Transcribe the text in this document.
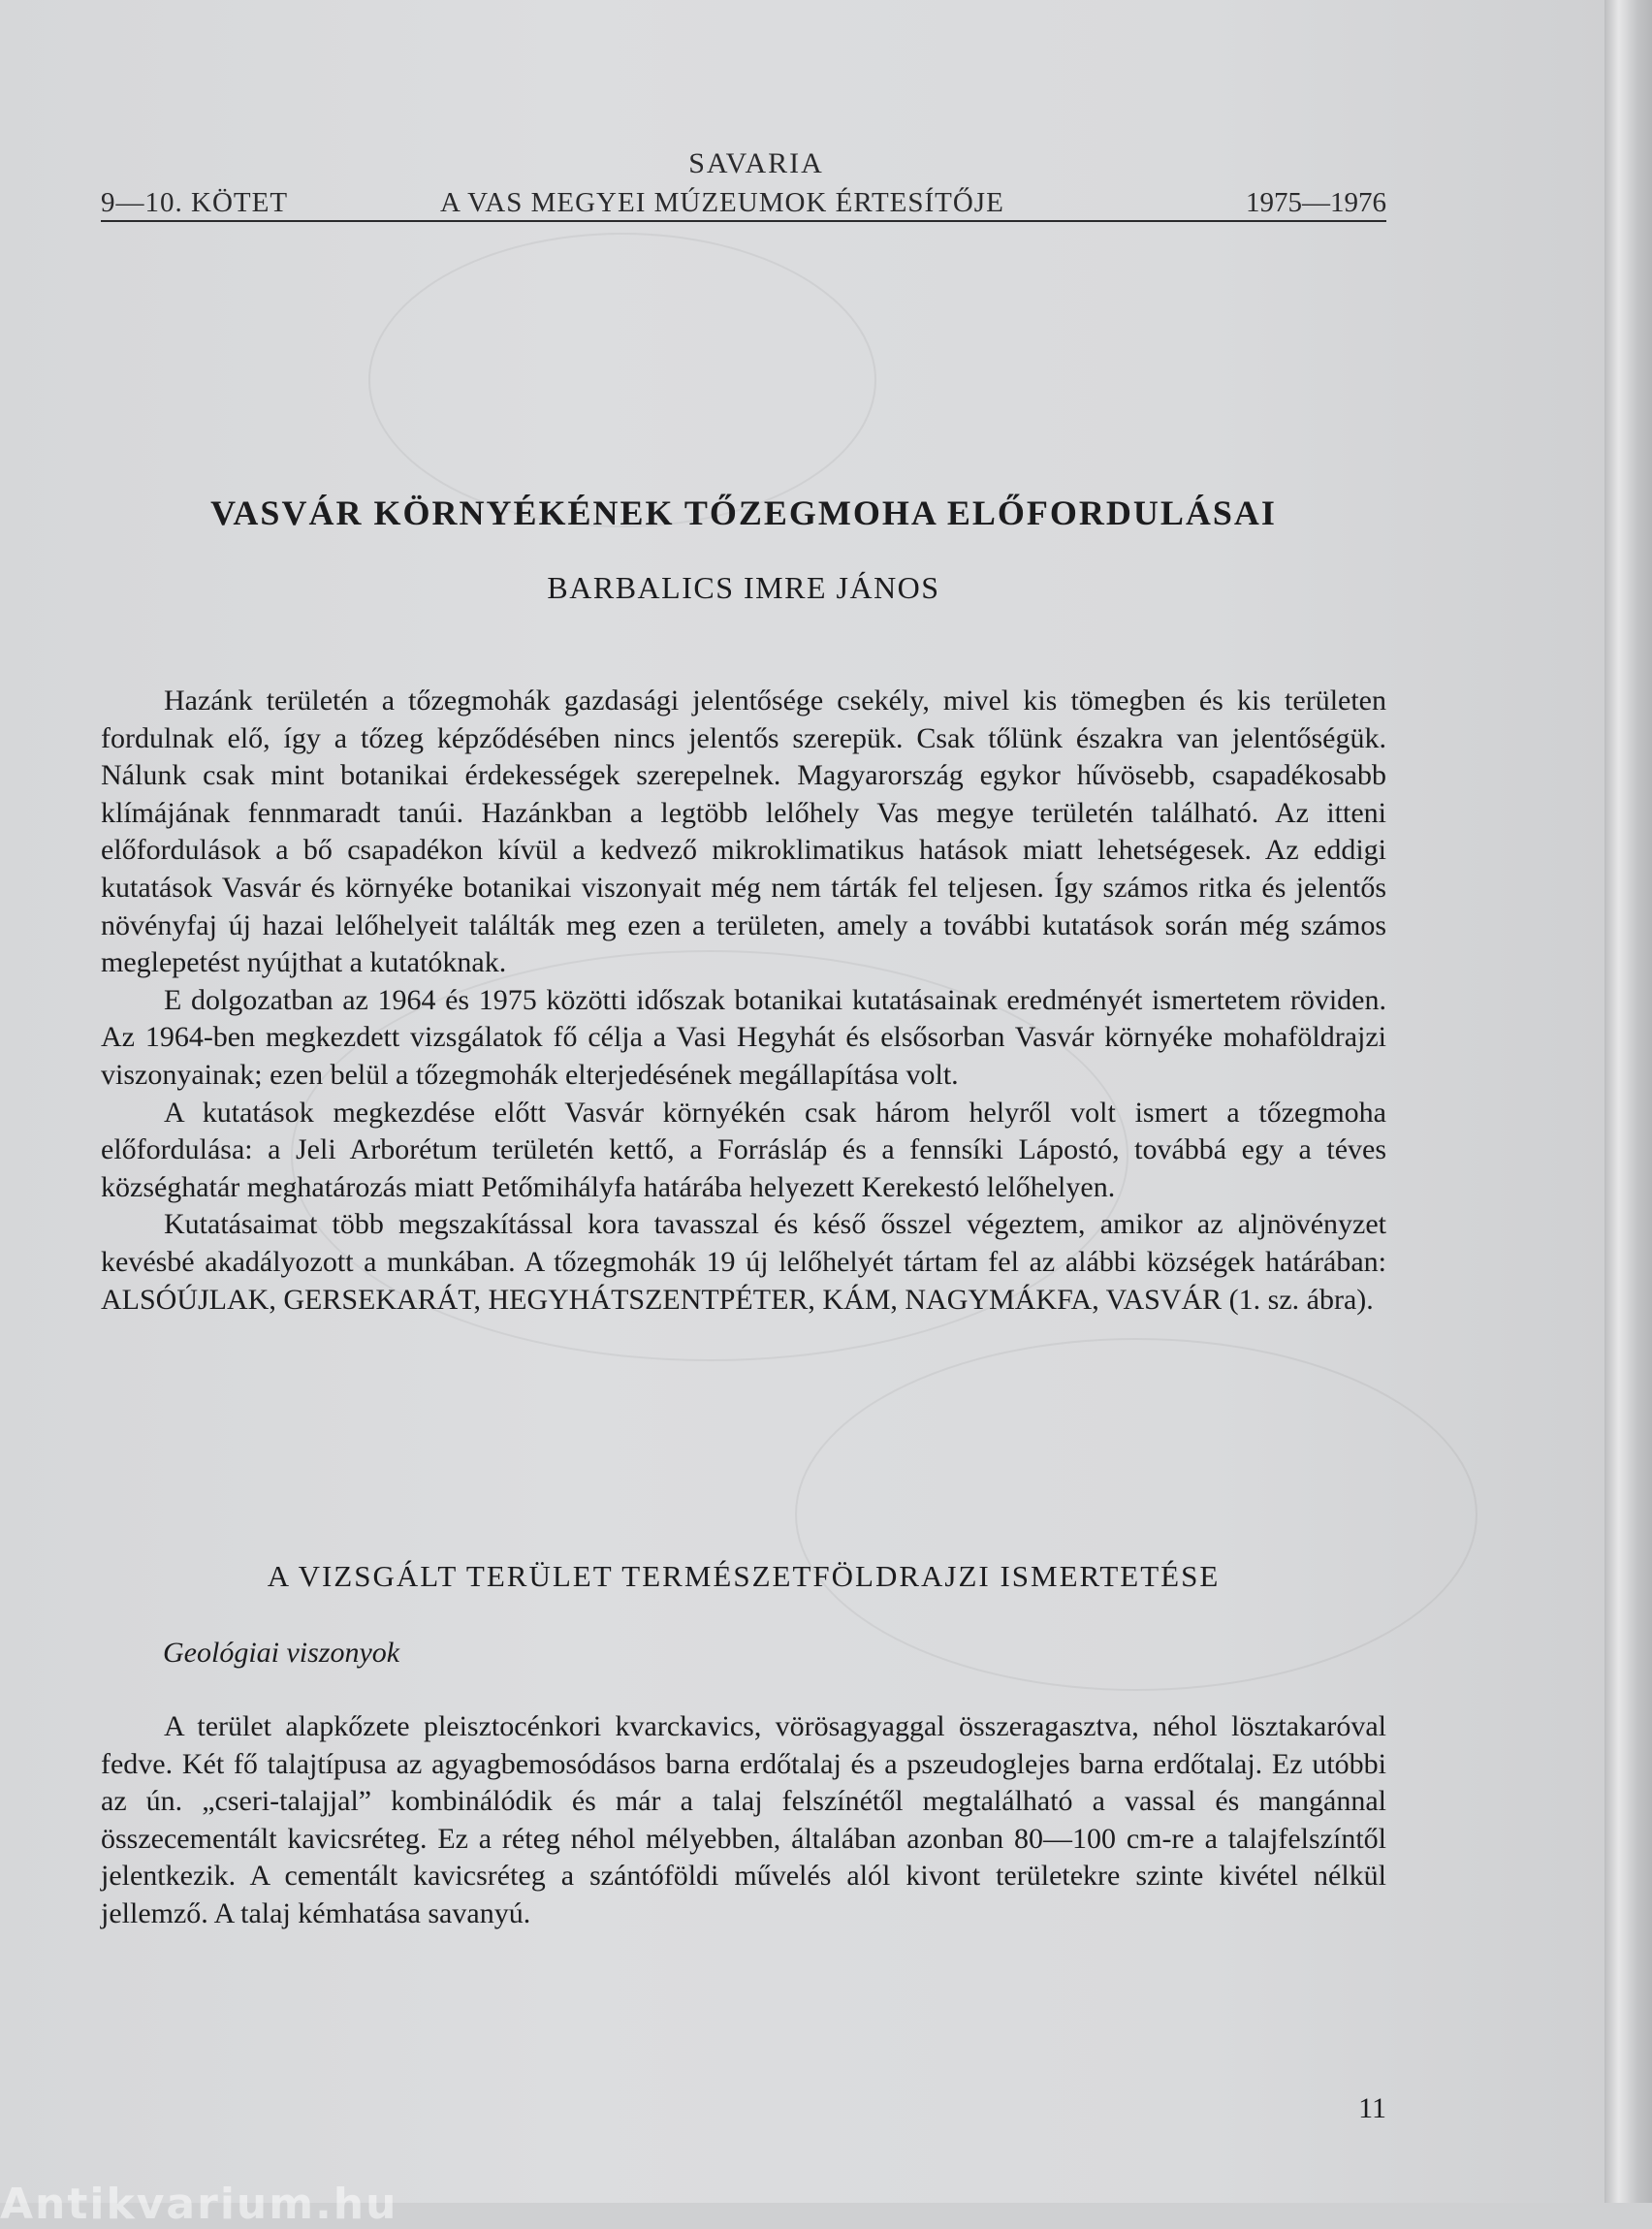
SAVARIA
9—10. KÖTET	A VAS MEGYEI MÚZEUMOK ÉRTESÍTŐJE	1975—1976
VASVÁR KÖRNYÉKÉNEK TŐZEGMOHA ELŐFORDULÁSAI
BARBALICS IMRE JÁNOS

Hazánk területén a tőzegmohák gazdasági jelentősége csekély, mivel kis tömegben és kis területen fordulnak elő, így a tőzeg képződésében nincs jelentős szerepük. Csak tőlünk északra van jelentőségük. Nálunk csak mint botanikai érdekességek szerepelnek. Magyarország egykor hűvösebb, csapadékosabb klímájának fennmaradt tanúi. Hazánkban a legtöbb lelőhely Vas megye területén található. Az itteni előfordulások a bő csapadékon kívül a kedvező mikroklimatikus hatások miatt lehetségesek. Az eddigi kutatások Vasvár és környéke botanikai viszonyait még nem tárták fel teljesen. Így számos ritka és jelentős növényfaj új hazai lelőhelyeit találták meg ezen a területen, amely a további kutatások során még számos meglepetést nyújthat a kutatóknak.

E dolgozatban az 1964 és 1975 közötti időszak botanikai kutatásainak eredményét ismertetem röviden. Az 1964-ben megkezdett vizsgálatok fő célja a Vasi Hegyhát és elsősorban Vasvár környéke mohaföldrajzi viszonyainak; ezen belül a tőzegmohák elterjedésének megállapítása volt.

A kutatások megkezdése előtt Vasvár környékén csak három helyről volt ismert a tőzegmoha előfordulása: a Jeli Arborétum területén kettő, a Forrásláp és a fennsíki Lápostó, továbbá egy a téves községhatár meghatározás miatt Petőmihályfa határába helyezett Kerekestó lelőhelyen.

Kutatásaimat több megszakítással kora tavasszal és késő ősszel végeztem, amikor az aljnövényzet kevésbé akadályozott a munkában. A tőzegmohák 19 új lelőhelyét tártam fel az alábbi községek határában: ALSÓÚJLAK, GERSEKARÁT, HEGYHÁTSZENTPÉTER, KÁM, NAGYMÁKFA, VASVÁR (1. sz. ábra).

A VIZSGÁLT TERÜLET TERMÉSZETFÖLDRAJZI ISMERTETÉSE
Geológiai viszonyok

A terület alapkőzete pleisztocénkori kvarckavics, vörösagyaggal összeragasztva, néhol lösztakaróval fedve. Két fő talajtípusa az agyagbemosódásos barna erdőtalaj és a pszeudoglejes barna erdőtalaj. Ez utóbbi az ún. „cseri-talajjal” kombinálódik és már a talaj felszínétől megtalálható a vassal és mangánnal összecementált kavicsréteg. Ez a réteg néhol mélyebben, általában azonban 80—100 cm-re a talajfelszíntől jelentkezik. A cementált kavicsréteg a szántóföldi művelés alól kivont területekre szinte kivétel nélkül jellemző. A talaj kémhatása savanyú.

11
Antikvarium.hu
